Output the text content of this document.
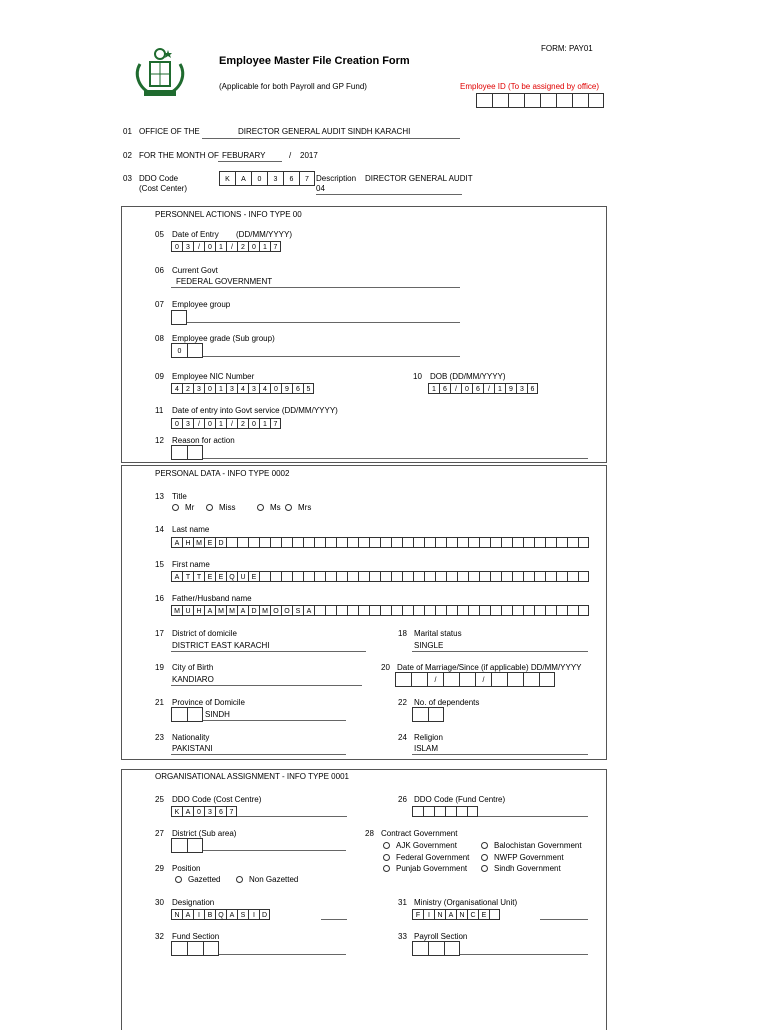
Employee Master File Creation Form
(Applicable for both Payroll and GP Fund)
FORM: PAY01
Employee ID (To be assigned by office)
01 OFFICE OF THE	DIRECTOR GENERAL AUDIT SINDH KARACHI
02 FOR THE MONTH OF FEBURARY	/ 2017
03 DDO Code
(Cost Center)
K	A	0	3	6	7 Description DIRECTOR GENERAL AUDIT
04
PERSONNEL ACTIONS - INFO TYPE 00
05 Date of Entry (DD/MM/YYYY)
0	3	/	0	1	/	2	0	1 7
06 Current Govt
FEDERAL GOVERNMENT
07 Employee group
08 Employee grade (Sub group)
0
09 Employee NIC Number
4	2	3	0	1	3	4	3	4	0	9	6 5
10 DOB (DD/MM/YYYY)
1	6	/	0	6	/	1	9	3 6
11 Date of entry into Govt service (DD/MM/YYYY)
0	3	/	0	1	/	2	0	1 7
12 Reason for action
PERSONAL DATA - INFO TYPE 0002
13 Title
Mr	Miss	Ms	Mrs
14 Last name
A H M E D
15 First name
A T T E E Q U E
16 Father/Husband name
M U H A M M A D M O O S A
17 District of domicile
DISTRICT EAST KARACHI
18 Marital status
SINGLE
19 City of Birth
KANDIARO
20 Date of Marriage/Since (if applicable) DD/MM/YYYY
/	/
21 Province of Domicile
SINDH
22 No. of dependents
23 Nationality
PAKISTANI
24 Religion
ISLAM
ORGANISATIONAL ASSIGNMENT - INFO TYPE 0001
25 DDO Code (Cost Centre)
K A 0	3	6 7
26 DDO Code (Fund Centre)
27 District (Sub area)	28 Contract Government
AJK Government	Balochistan Government
Federal Government	NWFP Government
Punjab Government	Sindh Government
29 Position
Gazetted	Non Gazetted
30 Designation
N A	I	B Q A S	I	D
31 Ministry (Organisational Unit)
F	I	N A N C E
32 Fund Section	33 Payroll Section
